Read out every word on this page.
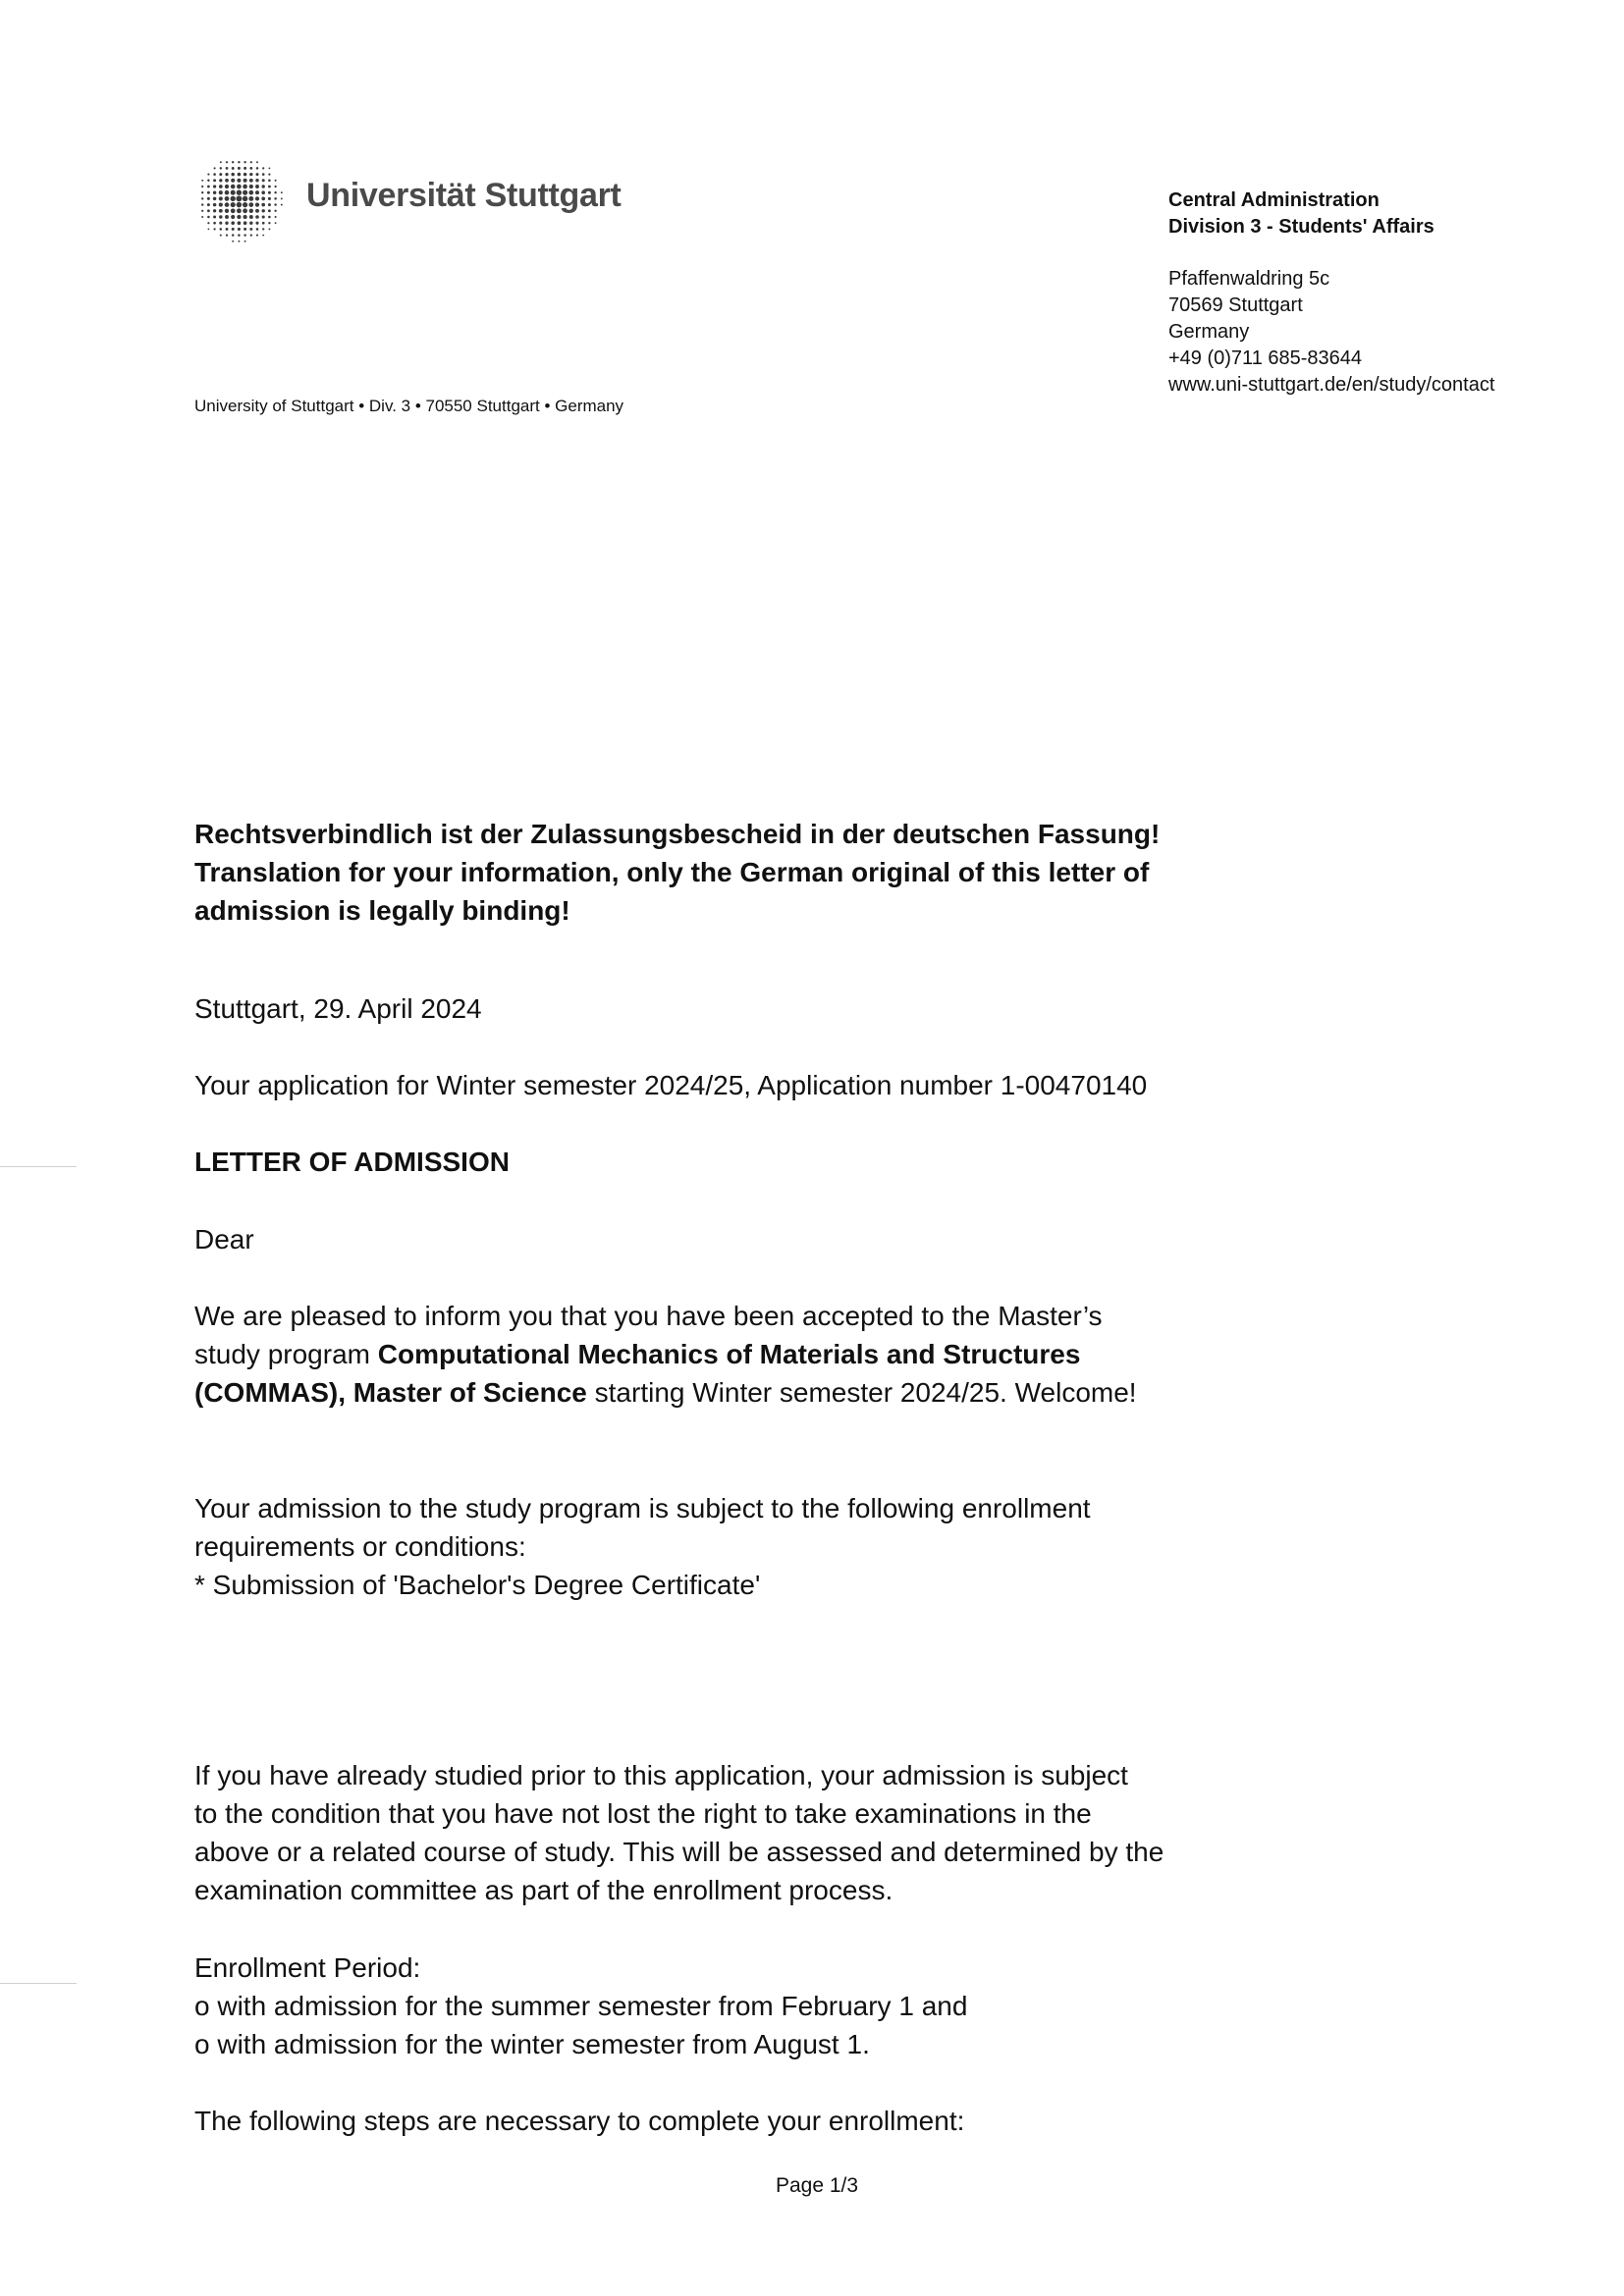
Universität Stuttgart	Central Administration
Division 3 - Students' Affairs
Pfaffenwaldring 5c
70569 Stuttgart
Germany
+49 (0)711 685-83644
www.uni-stuttgart.de/en/study/contact
University of Stuttgart • Div. 3 • 70550 Stuttgart • Germany
Rechtsverbindlich ist der Zulassungsbescheid in der deutschen Fassung!
Translation for your information, only the German original of this letter of
admission is legally binding!
Stuttgart, 29. April 2024
Your application for Winter semester 2024/25, Application number 1-00470140
LETTER OF ADMISSION
Dear
We are pleased to inform you that you have been accepted to the Master’s
study program Computational Mechanics of Materials and Structures
(COMMAS), Master of Science starting Winter semester 2024/25. Welcome!
Your admission to the study program is subject to the following enrollment
requirements or conditions:
* Submission of 'Bachelor's Degree Certificate'
If you have already studied prior to this application, your admission is subject
to the condition that you have not lost the right to take examinations in the
above or a related course of study. This will be assessed and determined by the
examination committee as part of the enrollment process.
Enrollment Period:
o with admission for the summer semester from February 1 and
o with admission for the winter semester from August 1.
The following steps are necessary to complete your enrollment:
Page 1/3
